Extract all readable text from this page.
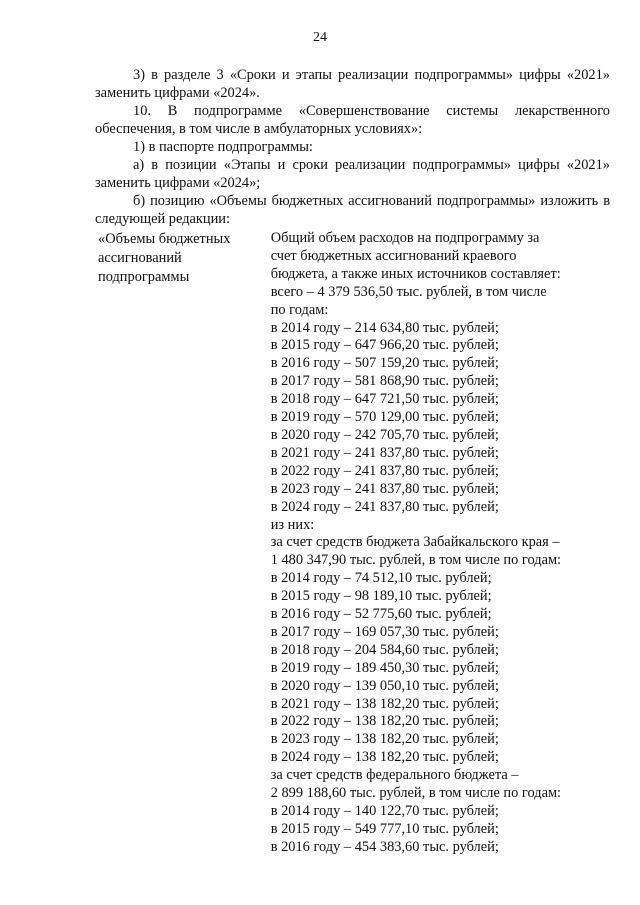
24

3) в разделе 3 «Сроки и этапы реализации подпрограммы» цифры «2021» заменить цифрами «2024».

10. В подпрограмме «Совершенствование системы лекарственного обеспечения, в том числе в амбулаторных условиях»:

1) в паспорте подпрограммы:

а) в позиции «Этапы и сроки реализации подпрограммы» цифры «2021» заменить цифрами «2024»;

б) позицию «Объемы бюджетных ассигнований подпрограммы» изложить в следующей редакции:

«Объемы бюджетных ассигнований подпрограммы
Общий объем расходов на подпрограмму за
счет бюджетных ассигнований краевого
бюджета, а также иных источников составляет:
всего – 4 379 536,50 тыс. рублей, в том числе
по годам:
в 2014 году – 214 634,80 тыс. рублей;
в 2015 году – 647 966,20 тыс. рублей;
в 2016 году – 507 159,20 тыс. рублей;
в 2017 году – 581 868,90 тыс. рублей;
в 2018 году – 647 721,50 тыс. рублей;
в 2019 году – 570 129,00 тыс. рублей;
в 2020 году – 242 705,70 тыс. рублей;
в 2021 году – 241 837,80 тыс. рублей;
в 2022 году – 241 837,80 тыс. рублей;
в 2023 году – 241 837,80 тыс. рублей;
в 2024 году – 241 837,80 тыс. рублей;
из них:
за счет средств бюджета Забайкальского края –
1 480 347,90 тыс. рублей, в том числе по годам:
в 2014 году – 74 512,10 тыс. рублей;
в 2015 году – 98 189,10 тыс. рублей;
в 2016 году – 52 775,60 тыс. рублей;
в 2017 году – 169 057,30 тыс. рублей;
в 2018 году – 204 584,60 тыс. рублей;
в 2019 году – 189 450,30 тыс. рублей;
в 2020 году – 139 050,10 тыс. рублей;
в 2021 году – 138 182,20 тыс. рублей;
в 2022 году – 138 182,20 тыс. рублей;
в 2023 году – 138 182,20 тыс. рублей;
в 2024 году – 138 182,20 тыс. рублей;
за счет средств федерального бюджета –
2 899 188,60 тыс. рублей, в том числе по годам:
в 2014 году – 140 122,70 тыс. рублей;
в 2015 году – 549 777,10 тыс. рублей;
в 2016 году – 454 383,60 тыс. рублей;
